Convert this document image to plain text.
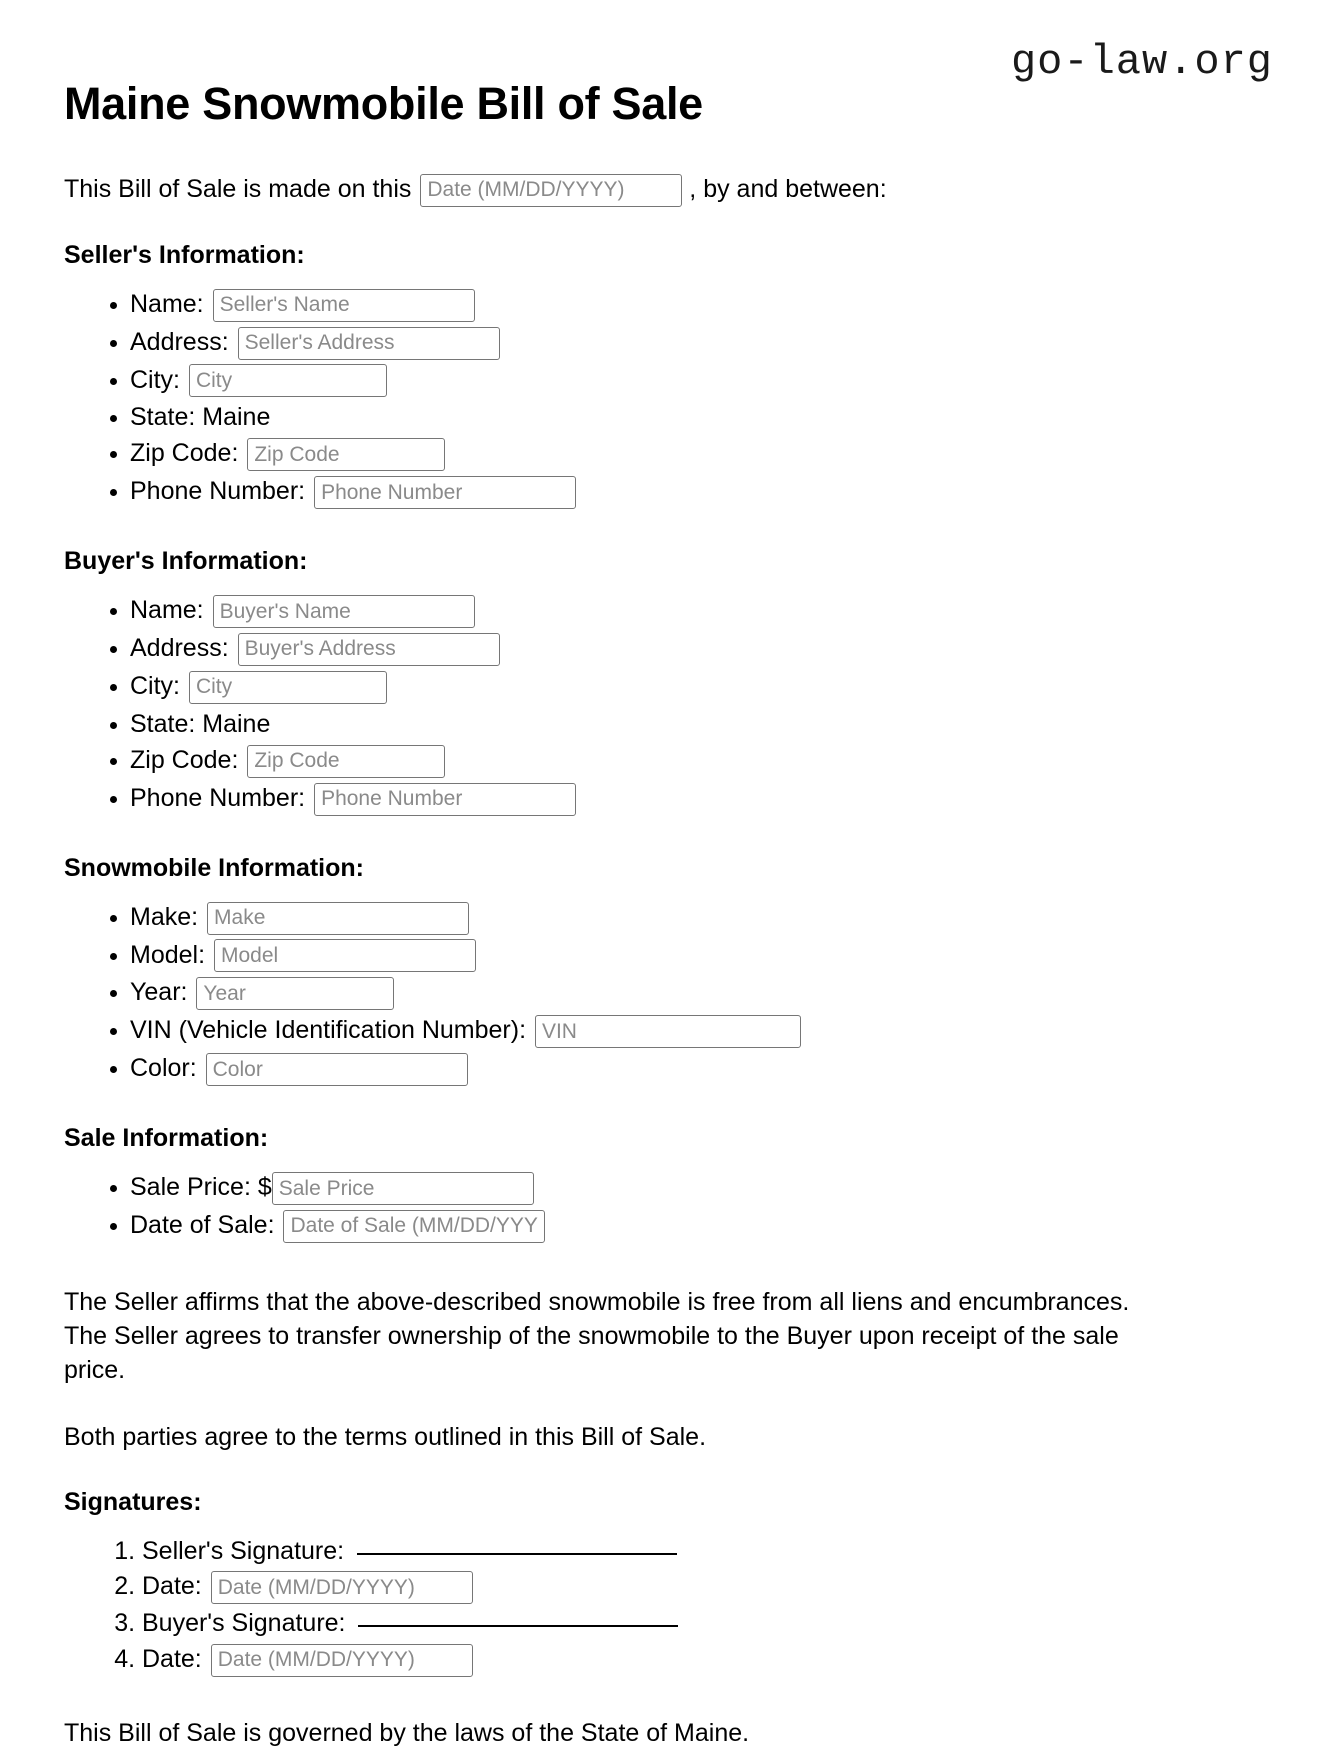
go-law.org
Maine Snowmobile Bill of Sale

This Bill of Sale is made on this Date (MM/DD/YYYY)	, by and between:

Seller's Information:
• Name: Seller's Name
• Address: Seller's Address
• City: City
• State: Maine
• Zip Code: Zip Code
• Phone Number: Phone Number
Buyer's Information:
• Name: Buyer's Name
• Address: Buyer's Address
• City: City
• State: Maine
• Zip Code: Zip Code
• Phone Number: Phone Number
Snowmobile Information:
• Make: Make
• Model: Model
• Year: Year
• VIN (Vehicle Identification Number): VIN
• Color: Color
Sale Information:
• Sale Price: $Sale Price
• Date of Sale: Date of Sale (MM/DD/YYYY)

The Seller affirms that the above-described snowmobile is free from all liens and encumbrances. The Seller agrees to transfer ownership of the snowmobile to the Buyer upon receipt of the sale price.

Both parties agree to the terms outlined in this Bill of Sale.

Signatures:
1. Seller's Signature:
2. Date: Date (MM/DD/YYYY)
3. Buyer's Signature:
4. Date: Date (MM/DD/YYYY)

This Bill of Sale is governed by the laws of the State of Maine.
